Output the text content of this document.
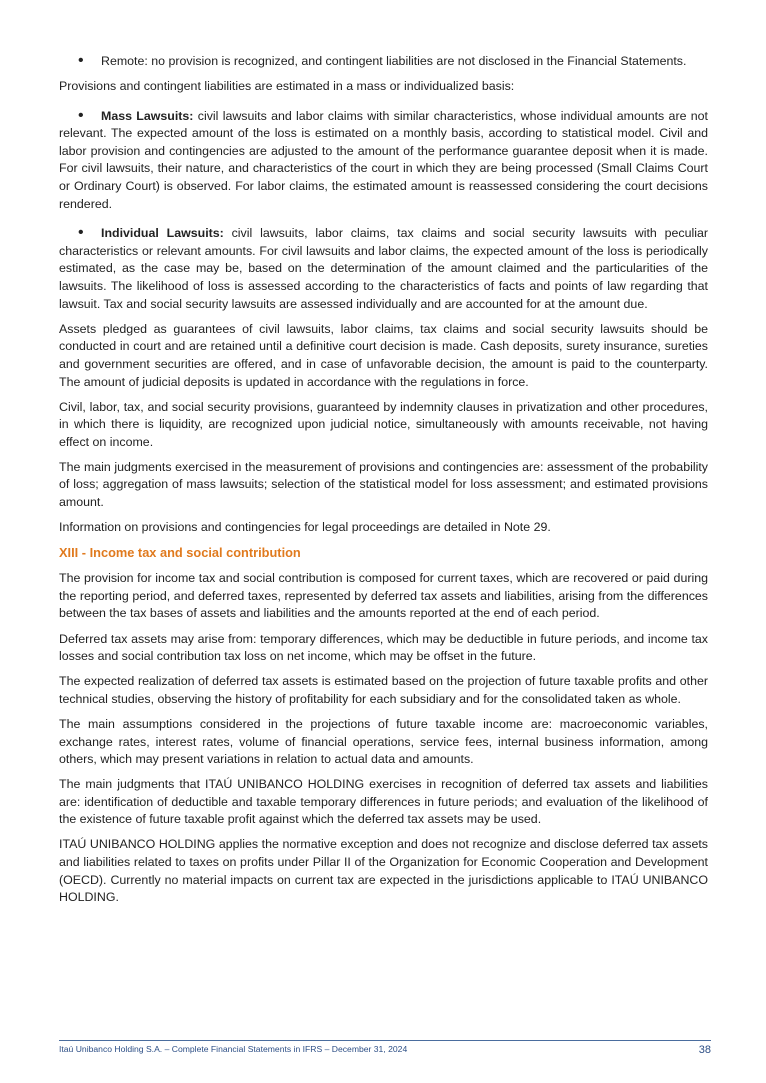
• Remote: no provision is recognized, and contingent liabilities are not disclosed in the Financial Statements.

Provisions and contingent liabilities are estimated in a mass or individualized basis:

• Mass Lawsuits: civil lawsuits and labor claims with similar characteristics, whose individual amounts are not relevant. The expected amount of the loss is estimated on a monthly basis, according to statistical model. Civil and labor provision and contingencies are adjusted to the amount of the performance guarantee deposit when it is made. For civil lawsuits, their nature, and characteristics of the court in which they are being processed (Small Claims Court or Ordinary Court) is observed. For labor claims, the estimated amount is reassessed considering the court decisions rendered.

• Individual Lawsuits: civil lawsuits, labor claims, tax claims and social security lawsuits with peculiar characteristics or relevant amounts. For civil lawsuits and labor claims, the expected amount of the loss is periodically estimated, as the case may be, based on the determination of the amount claimed and the particularities of the lawsuits. The likelihood of loss is assessed according to the characteristics of facts and points of law regarding that lawsuit. Tax and social security lawsuits are assessed individually and are accounted for at the amount due.

Assets pledged as guarantees of civil lawsuits, labor claims, tax claims and social security lawsuits should be conducted in court and are retained until a definitive court decision is made. Cash deposits, surety insurance, sureties and government securities are offered, and in case of unfavorable decision, the amount is paid to the counterparty. The amount of judicial deposits is updated in accordance with the regulations in force.

Civil, labor, tax, and social security provisions, guaranteed by indemnity clauses in privatization and other procedures, in which there is liquidity, are recognized upon judicial notice, simultaneously with amounts receivable, not having effect on income.

The main judgments exercised in the measurement of provisions and contingencies are: assessment of the probability of loss; aggregation of mass lawsuits; selection of the statistical model for loss assessment; and estimated provisions amount.

Information on provisions and contingencies for legal proceedings are detailed in Note 29.

XIII - Income tax and social contribution

The provision for income tax and social contribution is composed for current taxes, which are recovered or paid during the reporting period, and deferred taxes, represented by deferred tax assets and liabilities, arising from the differences between the tax bases of assets and liabilities and the amounts reported at the end of each period.

Deferred tax assets may arise from: temporary differences, which may be deductible in future periods, and income tax losses and social contribution tax loss on net income, which may be offset in the future.

The expected realization of deferred tax assets is estimated based on the projection of future taxable profits and other technical studies, observing the history of profitability for each subsidiary and for the consolidated taken as whole.

The main assumptions considered in the projections of future taxable income are: macroeconomic variables, exchange rates, interest rates, volume of financial operations, service fees, internal business information, among others, which may present variations in relation to actual data and amounts.

The main judgments that ITAÚ UNIBANCO HOLDING exercises in recognition of deferred tax assets and liabilities are: identification of deductible and taxable temporary differences in future periods; and evaluation of the likelihood of the existence of future taxable profit against which the deferred tax assets may be used.

ITAÚ UNIBANCO HOLDING applies the normative exception and does not recognize and disclose deferred tax assets and liabilities related to taxes on profits under Pillar II of the Organization for Economic Cooperation and Development (OECD). Currently no material impacts on current tax are expected in the jurisdictions applicable to ITAÚ UNIBANCO HOLDING.

Itaú Unibanco Holding S.A. – Complete Financial Statements in IFRS – December 31, 2024	38
